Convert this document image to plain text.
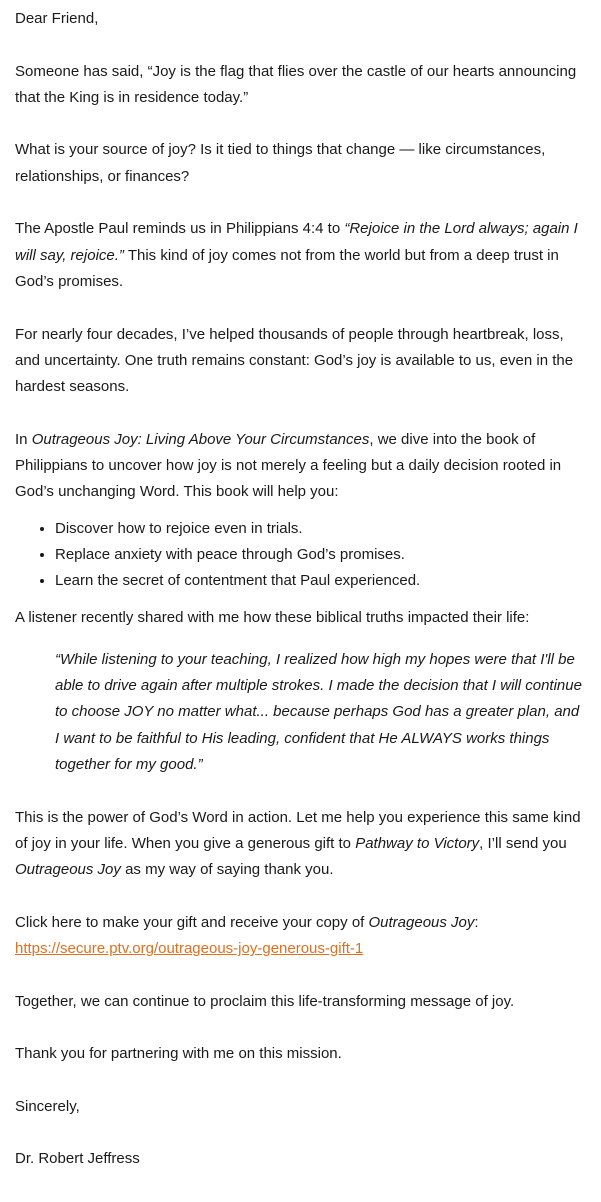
Dear Friend,

Someone has said, “Joy is the flag that flies over the castle of our hearts announcing that the King is in residence today.”

What is your source of joy? Is it tied to things that change — like circumstances, relationships, or finances?

The Apostle Paul reminds us in Philippians 4:4 to “Rejoice in the Lord always; again I will say, rejoice.” This kind of joy comes not from the world but from a deep trust in God’s promises.

For nearly four decades, I’ve helped thousands of people through heartbreak, loss, and uncertainty. One truth remains constant: God’s joy is available to us, even in the hardest seasons.

In Outrageous Joy: Living Above Your Circumstances, we dive into the book of Philippians to uncover how joy is not merely a feeling but a daily decision rooted in God’s unchanging Word. This book will help you:

• Discover how to rejoice even in trials.
• Replace anxiety with peace through God’s promises.
• Learn the secret of contentment that Paul experienced.

A listener recently shared with me how these biblical truths impacted their life:

“While listening to your teaching, I realized how high my hopes were that I'll be able to drive again after multiple strokes. I made the decision that I will continue to choose JOY no matter what... because perhaps God has a greater plan, and I want to be faithful to His leading, confident that He ALWAYS works things together for my good.”

This is the power of God’s Word in action. Let me help you experience this same kind of joy in your life. When you give a generous gift to Pathway to Victory, I’ll send you Outrageous Joy as my way of saying thank you.

Click here to make your gift and receive your copy of Outrageous Joy:
https://secure.ptv.org/outrageous-joy-generous-gift-1

Together, we can continue to proclaim this life-transforming message of joy.

Thank you for partnering with me on this mission.

Sincerely,

Dr. Robert Jeffress
